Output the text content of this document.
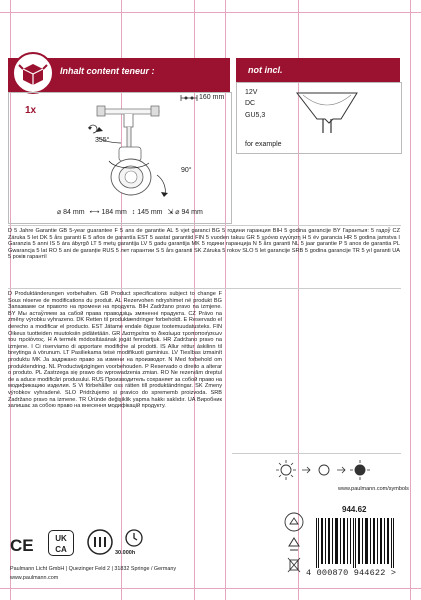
Inhalt content teneur :	not incl.
1x
160 mm
355°
90°
⌀ 84 mm ⟷ 184 mm ↕ 145 mm ⇲ ⌀ 94 mm
12V
DC
GU5,3
for example
D 5 Jahre Garantie GB 5-year guarantee F 5 ans de garantie AL 5 vjet garanci BG 5 години гаранция BIH 5 godina garancije BY Гарантыя: 5 гадоў CZ Záruka 5 let DK 5 års garanti E 5 años de garantía EST 5 aastat garantiid FIN 5 vuoden takuu GR 5 χρόνια εγγύηση H 5 év garancia HR 5 godina jamstva I Garanzia 5 anni IS 5 ára ábyrgð LT 5 metų garantija LV 5 gadu garantija MK 5 години гаранција N 5 års garanti NL 5 jaar garantie P 5 anos de garantia PL Gwarancja 5 lat RO 5 ani de garanție RUS 5 лет гарантии S 5 års garanti SK Záruka 5 rokov SLO 5 let garancije SRB 5 godina garancije TR 5 yıl garanti UA 5 років гарантії
D Produktänderungen vorbehalten. GB Product specifications subject to change F Sous réserve de modifications du produit. AL Rezervohen ndryshimet në produkt BG Запазваме си правото на промени на продукта. BIH Zadržano pravo na izmjene. BY Мы астаўляем за сабой права праводзіць змяненні прадукта. CZ Právo na změny výrobku vyhrazeno. DK Retten til produktændringer forbeholdt. E Reservado el derecho a modificar el producto. EST Jätame endale õiguse tootemuudatusteks. FIN Oikeus tuotteiden muutoksiin pidätetään. GR Διατηρείται το δικαίωμα τροποποιήσεων του προϊόντος. H A termék módosításának jogát fenntartjuk. HR Zadržano pravo na izmjene. I Ci riserviamo di apportare modifiche al prodotti. IS Allur réttur áskilinn til breytinga á vörunum. LT Pasiliekama teisė modifikuoti gaminius. LV Tiesības izmainīt produktu MK Ја задржано право за измени на производот. N Med forbehold om produktendring. NL Productwijzigingen voorbehouden. P Reservado o direito a alterar o produto. PL Zastrzega się prawo do wprowadzenia zmian. RO Ne rezervăm dreptul de a aduce modificări produsului. RUS Производитель сохраняет за собой право на модификацию изделия. S Vi förbehåller oss rätten till produktändringar. SK Zmeny výrobkov vyhradené. SLO Pridržujemo si pravico do sprememb proizvoda. SRB Zadržano pravo na izmene. TR Üründe değişiklik yapma hakkı saklıdır. UA Виробник залишає за собою право на внесення модифікацій продукту.
www.paulmann.com/symbols
944.62
CE	UK CA	30.000h
Paulmann Licht GmbH | Quezinger Feld 2 | 31832 Springe / Germany
www.paulmann.com	4 000870 944622 >
